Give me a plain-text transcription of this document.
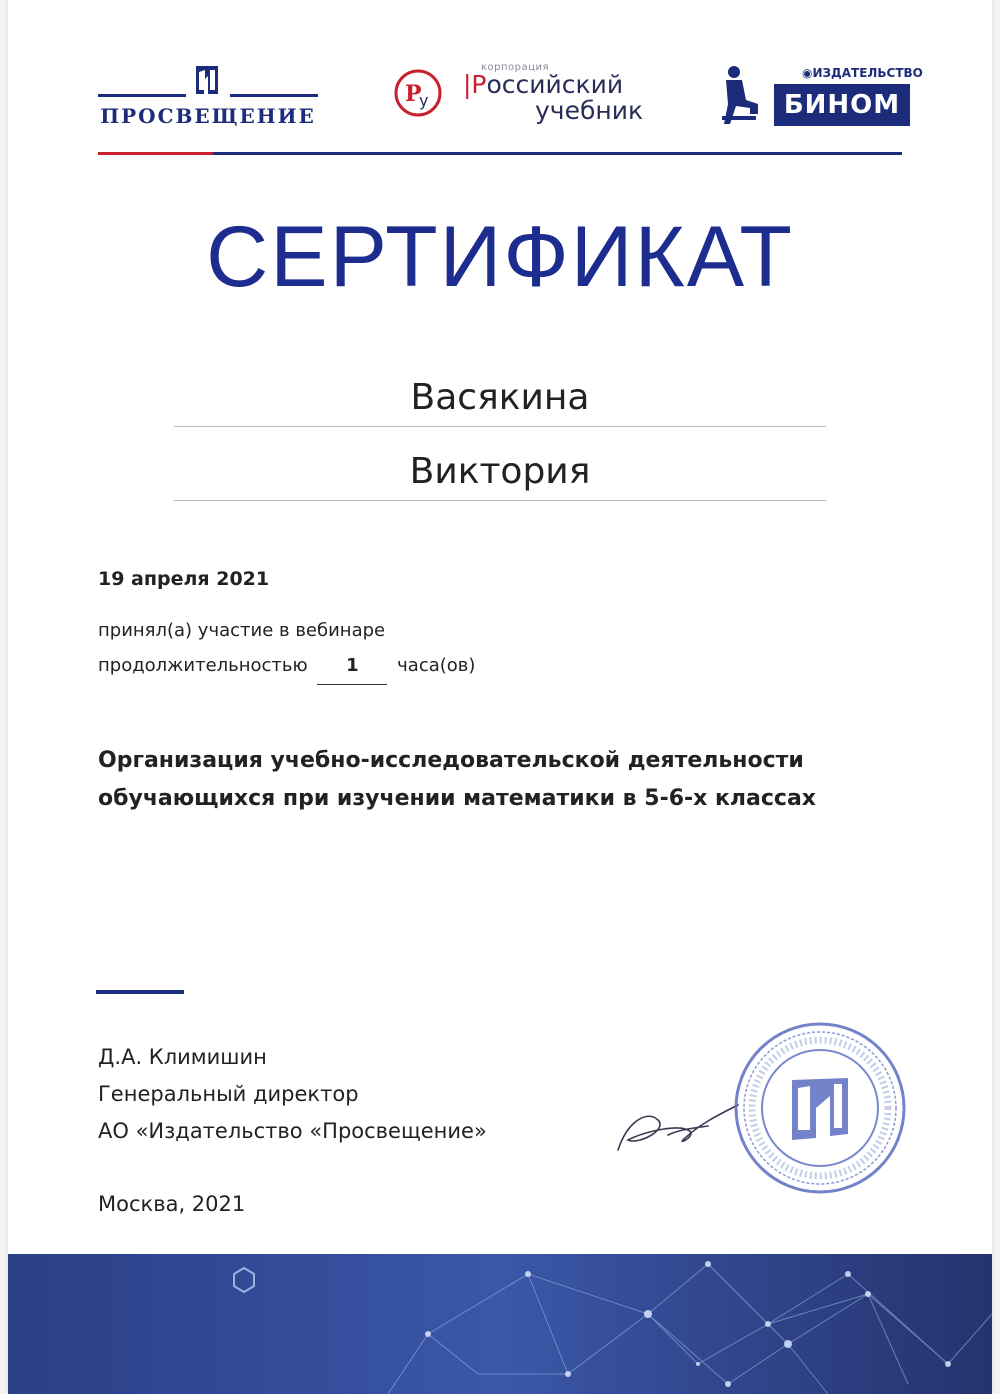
ПРОСВЕЩЕНИЕ
P
y
корпорация
|Российский
учебник
◉ИЗДАТЕЛЬСТВО
БИНОМ
СЕРТИФИКАТ
Васякина
Виктория
19 апреля 2021
принял(а) участие в вебинаре
продолжительностью 1 часа(ов)
Организация учебно-исследовательской деятельности обучающихся при изучении математики в 5-6-х классах
Д.А. Климишин
Генеральный директор
АО «Издательство «Просвещение»
Москва, 2021
